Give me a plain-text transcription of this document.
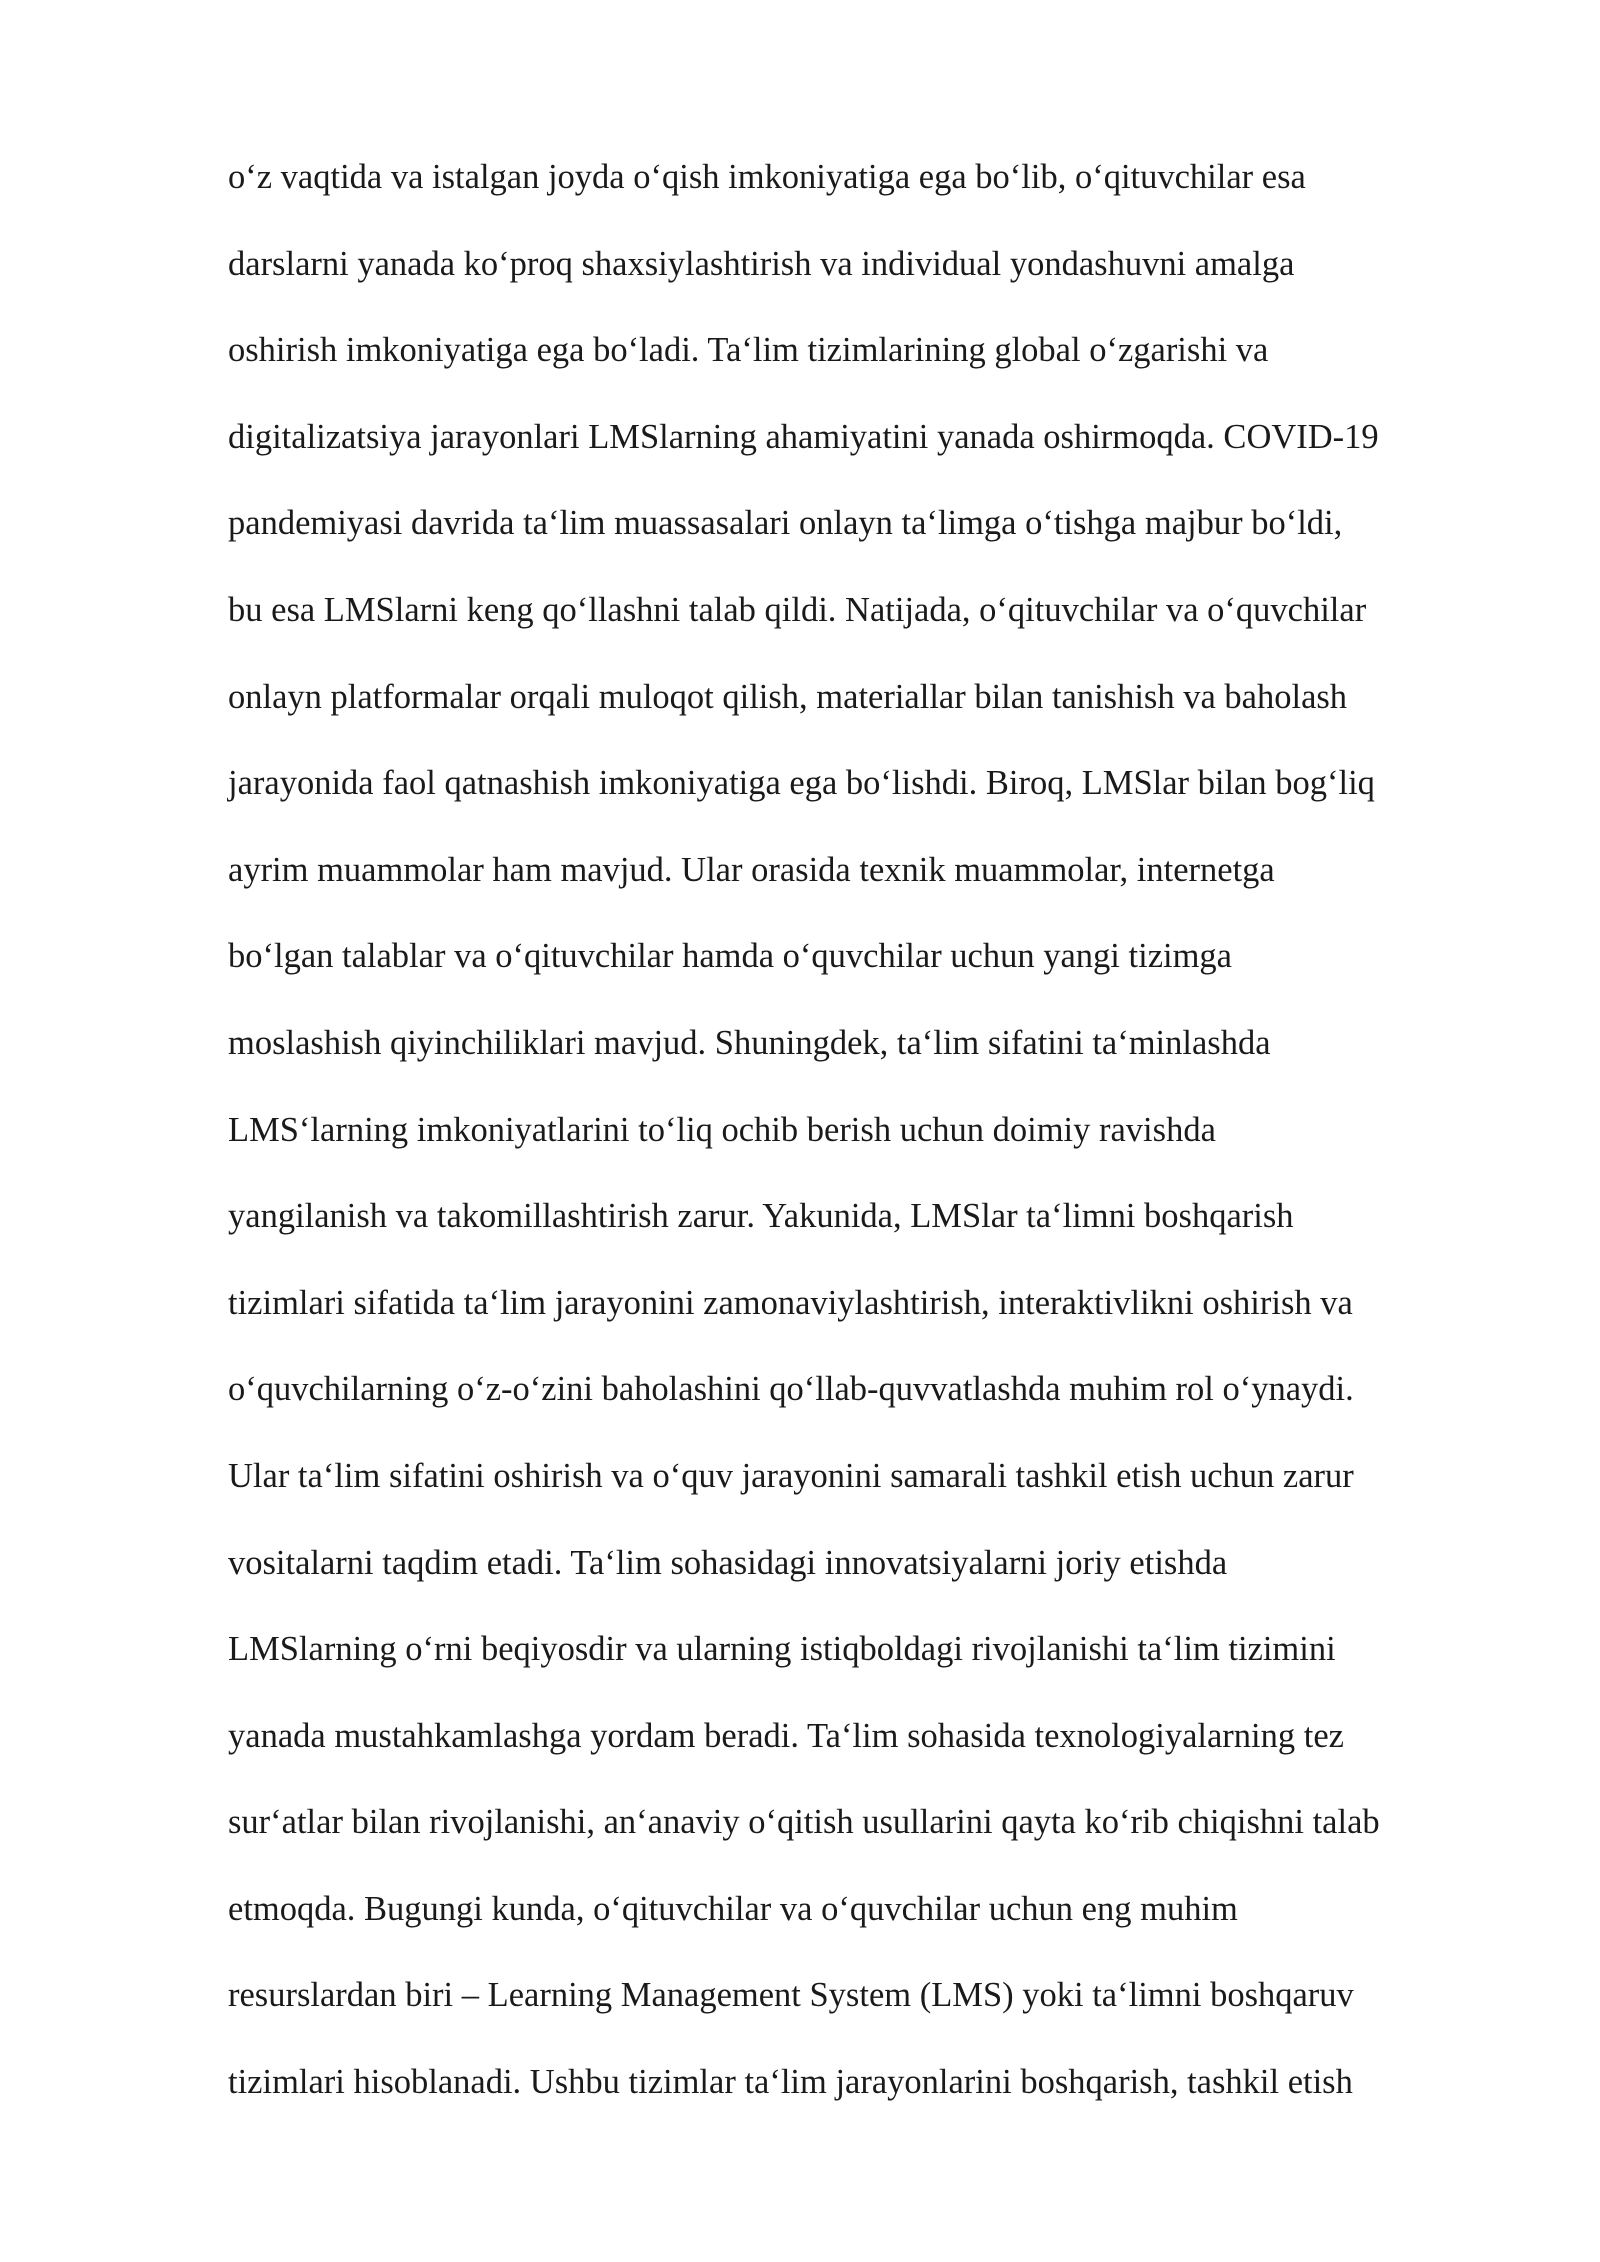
o‘z vaqtida va istalgan joyda o‘qish imkoniyatiga ega bo‘lib, o‘qituvchilar esa
darslarni yanada ko‘proq shaxsiylashtirish va individual yondashuvni amalga
oshirish imkoniyatiga ega bo‘ladi. Ta‘lim tizimlarining global o‘zgarishi va
digitalizatsiya jarayonlari LMSlarning ahamiyatini yanada oshirmoqda. COVID-19
pandemiyasi davrida ta‘lim muassasalari onlayn ta‘limga o‘tishga majbur bo‘ldi,
bu esa LMSlarni keng qo‘llashni talab qildi. Natijada, o‘qituvchilar va o‘quvchilar
onlayn platformalar orqali muloqot qilish, materiallar bilan tanishish va baholash
jarayonida faol qatnashish imkoniyatiga ega bo‘lishdi. Biroq, LMSlar bilan bog‘liq
ayrim muammolar ham mavjud. Ular orasida texnik muammolar, internetga
bo‘lgan talablar va o‘qituvchilar hamda o‘quvchilar uchun yangi tizimga
moslashish qiyinchiliklari mavjud. Shuningdek, ta‘lim sifatini ta‘minlashda
LMS‘larning imkoniyatlarini to‘liq ochib berish uchun doimiy ravishda
yangilanish va takomillashtirish zarur. Yakunida, LMSlar ta‘limni boshqarish
tizimlari sifatida ta‘lim jarayonini zamonaviylashtirish, interaktivlikni oshirish va
o‘quvchilarning o‘z-o‘zini baholashini qo‘llab-quvvatlashda muhim rol o‘ynaydi.
Ular ta‘lim sifatini oshirish va o‘quv jarayonini samarali tashkil etish uchun zarur
vositalarni taqdim etadi. Ta‘lim sohasidagi innovatsiyalarni joriy etishda
LMSlarning o‘rni beqiyosdir va ularning istiqboldagi rivojlanishi ta‘lim tizimini
yanada mustahkamlashga yordam beradi. Ta‘lim sohasida texnologiyalarning tez
sur‘atlar bilan rivojlanishi, an‘anaviy o‘qitish usullarini qayta ko‘rib chiqishni talab
etmoqda. Bugungi kunda, o‘qituvchilar va o‘quvchilar uchun eng muhim
resurslardan biri – Learning Management System (LMS) yoki ta‘limni boshqaruv
tizimlari hisoblanadi. Ushbu tizimlar ta‘lim jarayonlarini boshqarish, tashkil etish
